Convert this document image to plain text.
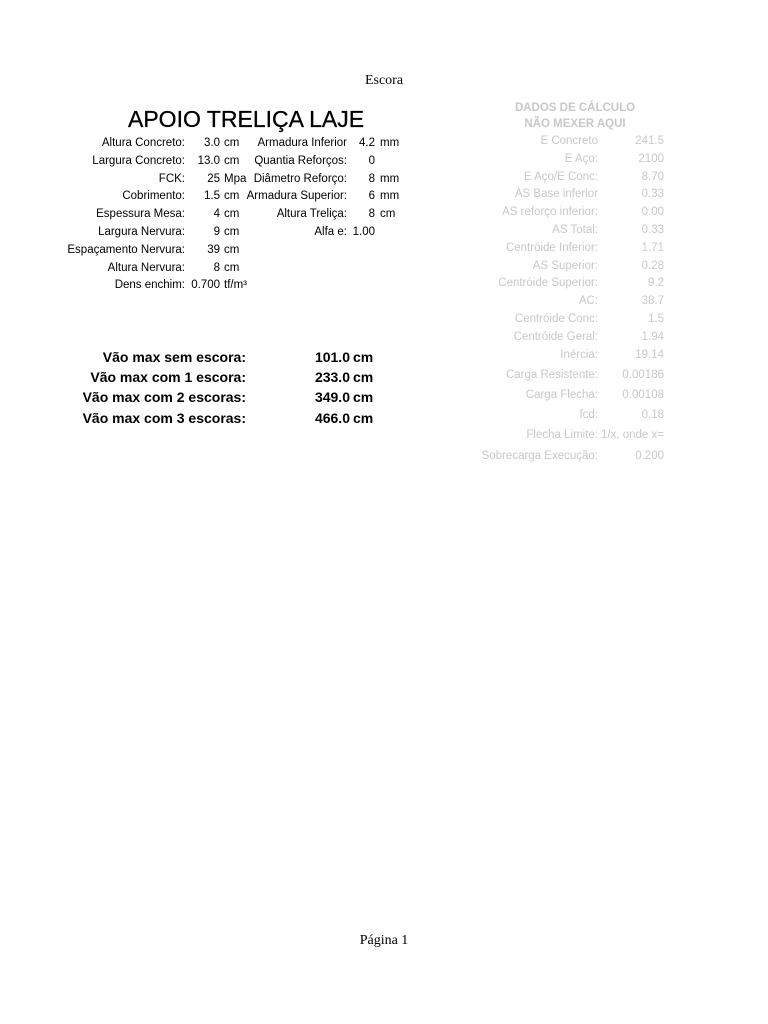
Escora
APOIO TRELIÇA LAJE
Altura Concreto: 3.0 cm
Largura Concreto: 13.0 cm
FCK: 25 Mpa
Cobrimento: 1.5 cm
Espessura Mesa: 4 cm
Largura Nervura: 9 cm
Espaçamento Nervura: 39 cm
Altura Nervura: 8 cm
Dens enchim: 0.700 tf/m³
Armadura Inferior 4.2 mm
Quantia Reforços: 0
Diâmetro Reforço: 8 mm
Armadura Superior: 6 mm
Altura Treliça: 8 cm
Alfa e: 1.00
Vão max sem escora:	101.0 cm
Vão max com 1 escora:	233.0 cm
Vão max com 2 escoras:	349.0 cm
Vão max com 3 escoras:	466.0 cm
DADOS DE CÁLCULO
NÃO MEXER AQUI
E Concreto	241.5
E Aço:	2100
E Aço/E Conc:	8.70
AS Base inferior	0.33
AS reforço inferior:	0.00
AS Total:	0.33
Centróide Inferior:	1.71
AS Superior:	0.28
Centróide Superior:	9.2
AC:	38.7
Centróide Conc:	1.5
Centróide Geral:	1.94
Inércia:	19.14
Carga Resistente: 0.00186
Carga Flecha: 0.00108
fcd:	0.18
Flecha Limite: 1/x, onde x=
Sobrecarga Execução:	0.200
Página 1
